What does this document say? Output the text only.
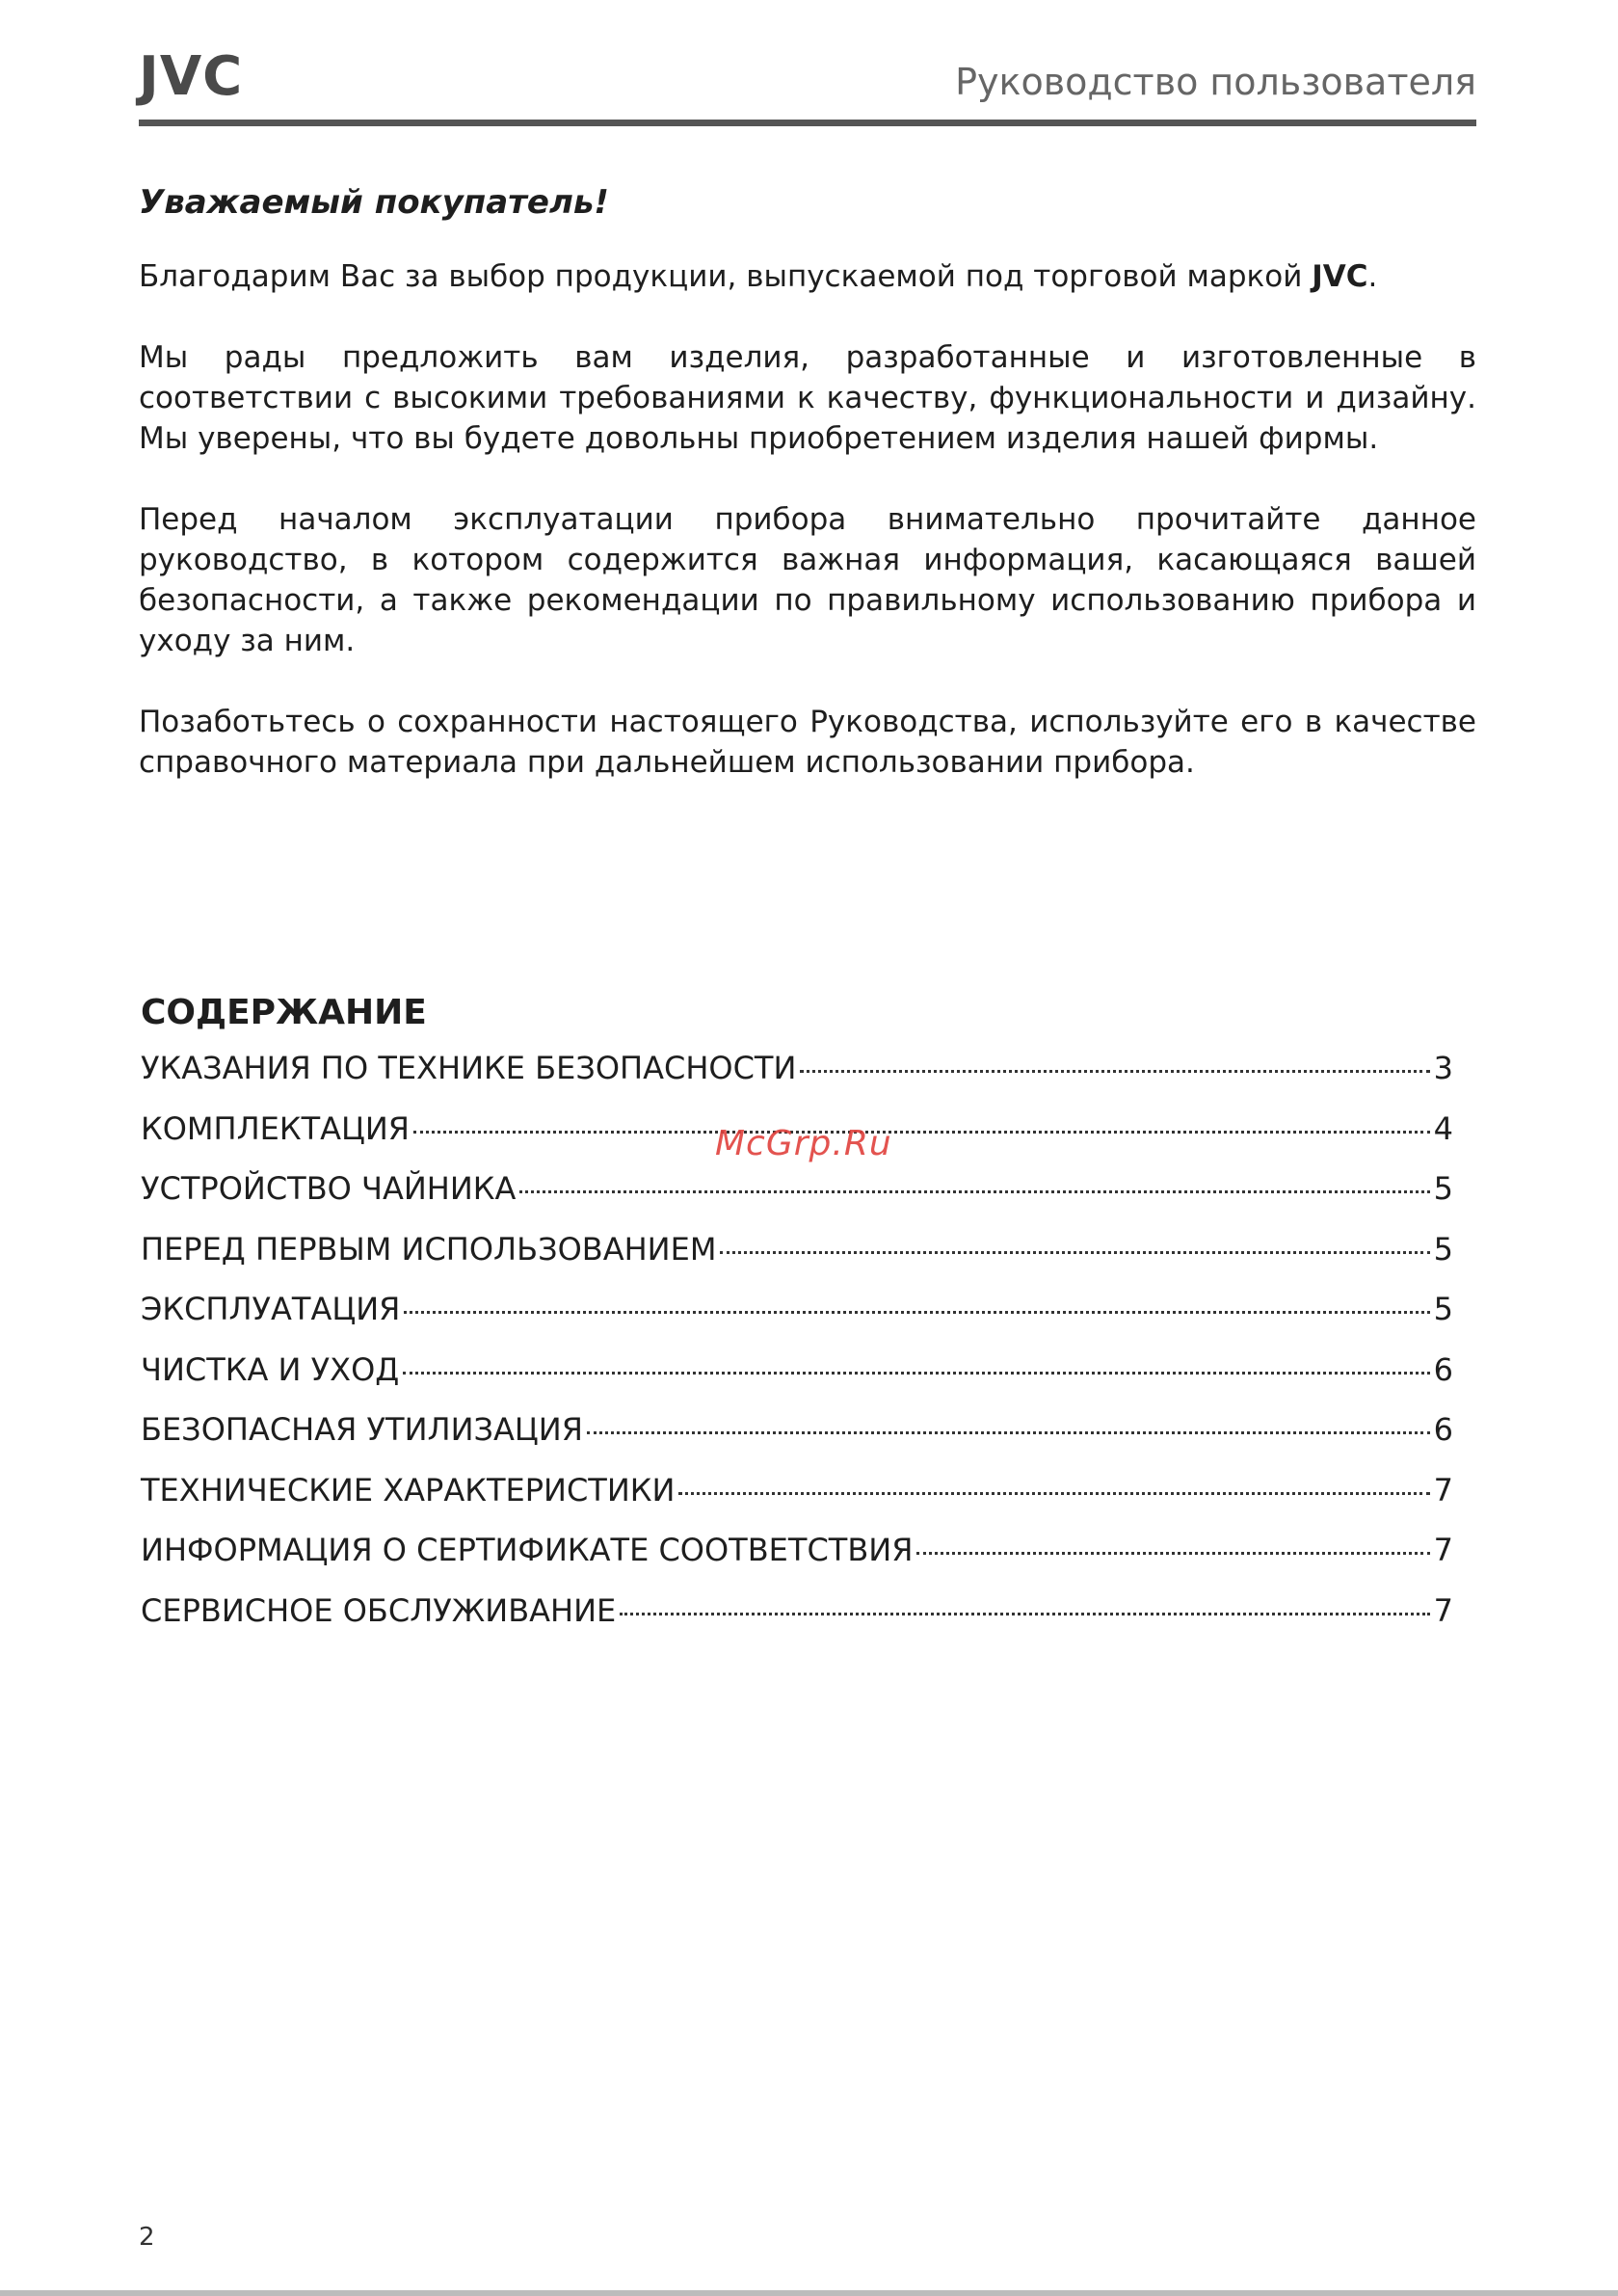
JVC	Руководство пользователя

Уважаемый покупатель!

Благодарим Вас за выбор продукции, выпускаемой под торговой маркой JVC.

Мы рады предложить вам изделия, разработанные и изготовленные в соответствии с высокими требованиями к качеству, функциональности и дизайну. Мы уверены, что вы будете довольны приобретением изделия нашей фирмы.

Перед началом эксплуатации прибора внимательно прочитайте данное руководство, в котором содержится важная информация, касающаяся вашей безопасности, а также рекомендации по правильному использованию прибора и уходу за ним.

Позаботьтесь о сохранности настоящего Руководства, используйте его в качестве справочного материала при дальнейшем использовании прибора.

СОДЕРЖАНИЕ
УКАЗАНИЯ ПО ТЕХНИКЕ БЕЗОПАСНОСТИ	3
КОМПЛЕКТАЦИЯ	4
УСТРОЙСТВО ЧАЙНИКА	5
ПЕРЕД ПЕРВЫМ ИСПОЛЬЗОВАНИЕМ	5
ЭКСПЛУАТАЦИЯ	5
ЧИСТКА И УХОД	6
БЕЗОПАСНАЯ УТИЛИЗАЦИЯ	6
ТЕХНИЧЕСКИЕ ХАРАКТЕРИСТИКИ	7
ИНФОРМАЦИЯ О СЕРТИФИКАТЕ СООТВЕТСТВИЯ	7
СЕРВИСНОЕ ОБСЛУЖИВАНИЕ	7
McGrp.Ru
2
